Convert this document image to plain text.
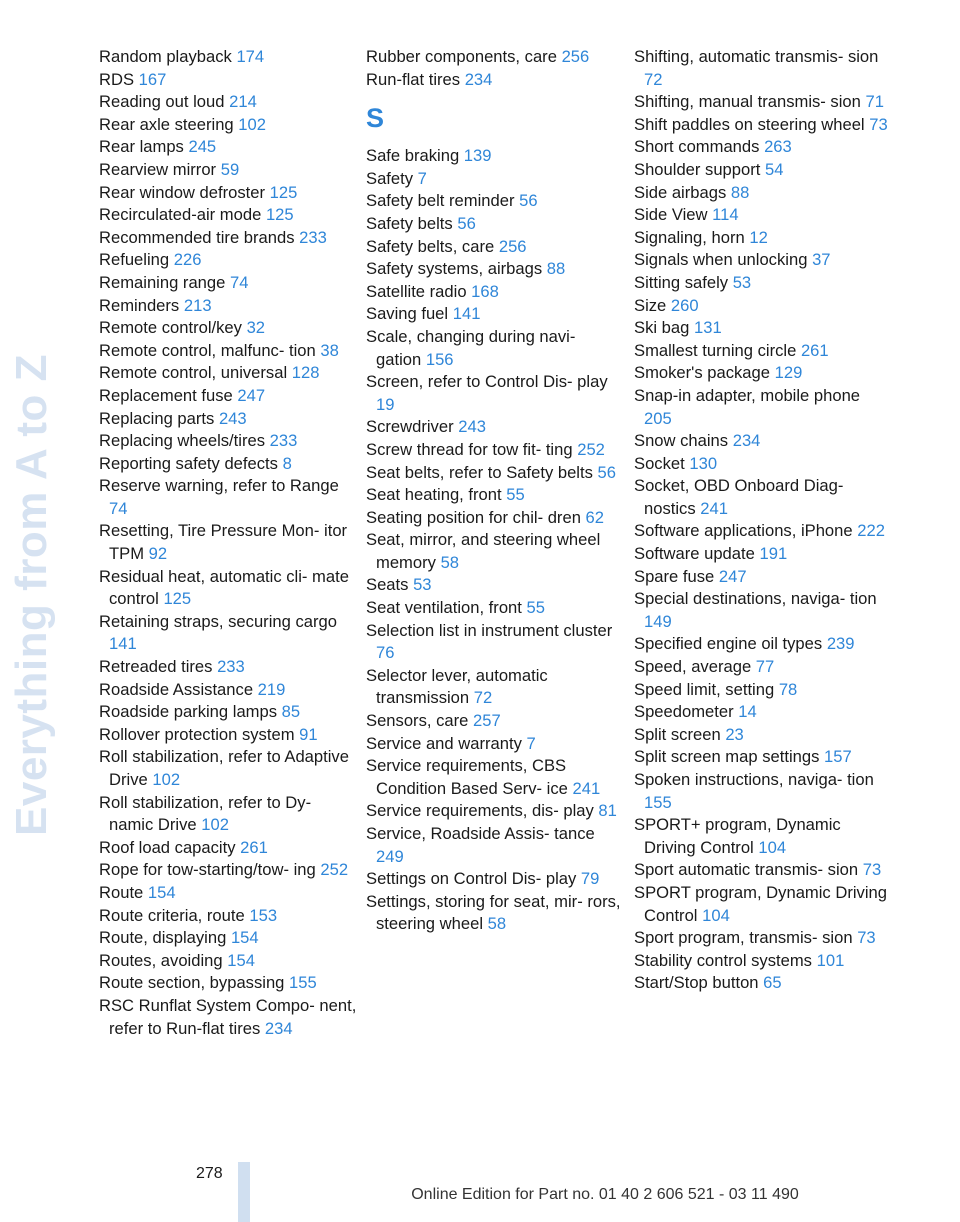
Everything from A to Z
Random playback 174
RDS 167
Reading out loud 214
Rear axle steering 102
Rear lamps 245
Rearview mirror 59
Rear window defroster 125
Recirculated-air mode 125
Recommended tire brands 233
Refueling 226
Remaining range 74
Reminders 213
Remote control/key 32
Remote control, malfunc‐ tion 38
Remote control, universal 128
Replacement fuse 247
Replacing parts 243
Replacing wheels/tires 233
Reporting safety defects 8
Reserve warning, refer to Range 74
Resetting, Tire Pressure Mon‐ itor TPM 92
Residual heat, automatic cli‐ mate control 125
Retaining straps, securing cargo 141
Retreaded tires 233
Roadside Assistance 219
Roadside parking lamps 85
Rollover protection system 91
Roll stabilization, refer to Adaptive Drive 102
Roll stabilization, refer to Dy‐ namic Drive 102
Roof load capacity 261
Rope for tow-starting/tow‐ ing 252
Route 154
Route criteria, route 153
Route, displaying 154
Routes, avoiding 154
Route section, bypassing 155
RSC Runflat System Compo‐ nent, refer to Run-flat tires 234
Rubber components, care 256
Run-flat tires 234
S
Safe braking 139
Safety 7
Safety belt reminder 56
Safety belts 56
Safety belts, care 256
Safety systems, airbags 88
Satellite radio 168
Saving fuel 141
Scale, changing during navi‐ gation 156
Screen, refer to Control Dis‐ play 19
Screwdriver 243
Screw thread for tow fit‐ ting 252
Seat belts, refer to Safety belts 56
Seat heating, front 55
Seating position for chil‐ dren 62
Seat, mirror, and steering wheel memory 58
Seats 53
Seat ventilation, front 55
Selection list in instrument cluster 76
Selector lever, automatic transmission 72
Sensors, care 257
Service and warranty 7
Service requirements, CBS Condition Based Serv‐ ice 241
Service requirements, dis‐ play 81
Service, Roadside Assis‐ tance 249
Settings on Control Dis‐ play 79
Settings, storing for seat, mir‐ rors, steering wheel 58
Shifting, automatic transmis‐ sion 72
Shifting, manual transmis‐ sion 71
Shift paddles on steering wheel 73
Short commands 263
Shoulder support 54
Side airbags 88
Side View 114
Signaling, horn 12
Signals when unlocking 37
Sitting safely 53
Size 260
Ski bag 131
Smallest turning circle 261
Smoker's package 129
Snap-in adapter, mobile phone 205
Snow chains 234
Socket 130
Socket, OBD Onboard Diag‐ nostics 241
Software applications, iPhone 222
Software update 191
Spare fuse 247
Special destinations, naviga‐ tion 149
Specified engine oil types 239
Speed, average 77
Speed limit, setting 78
Speedometer 14
Split screen 23
Split screen map settings 157
Spoken instructions, naviga‐ tion 155
SPORT+ program, Dynamic Driving Control 104
Sport automatic transmis‐ sion 73
SPORT program, Dynamic Driving Control 104
Sport program, transmis‐ sion 73
Stability control systems 101
Start/Stop button 65
278
Online Edition for Part no. 01 40 2 606 521 - 03 11 490
